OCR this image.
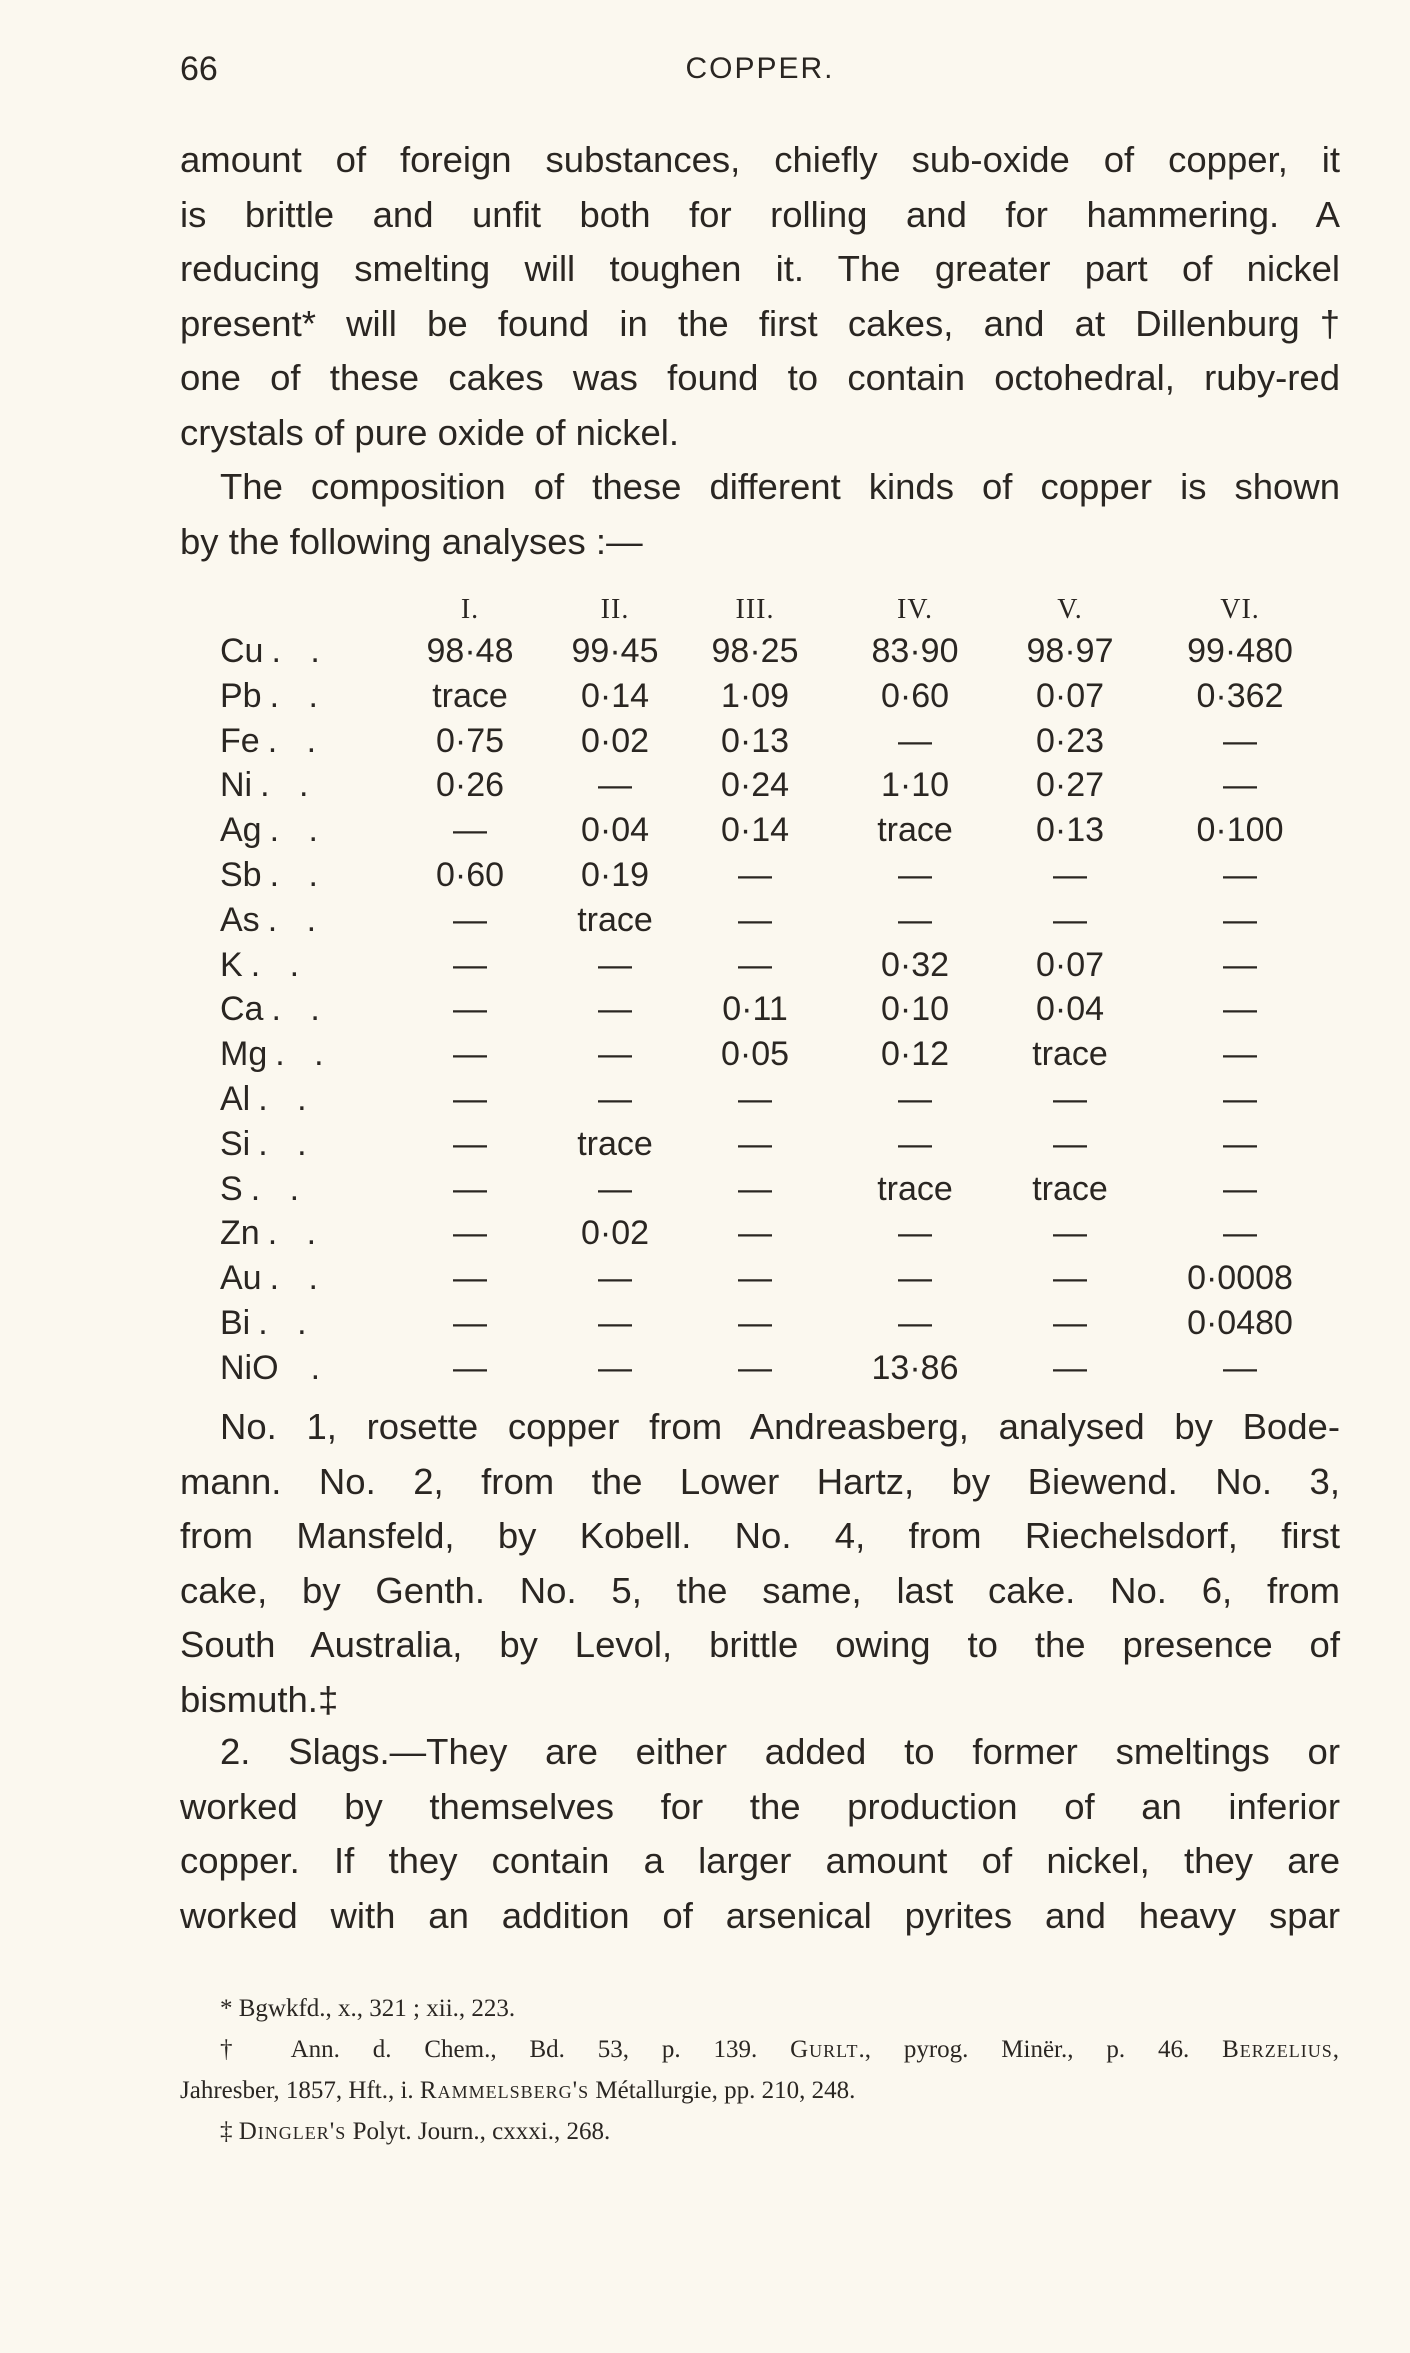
66	COPPER.
amount of foreign substances, chiefly sub-oxide of copper, it
is brittle and unfit both for rolling and for hammering. A
reducing smelting will toughen it. The greater part of nickel
present* will be found in the first cakes, and at Dillenburg†
one of these cakes was found to contain octohedral, ruby-red
crystals of pure oxide of nickel.
The composition of these different kinds of copper is shown
by the following analyses :—
I.	II.	III.	IV.	V.	VI.
Cu . .	98·48	99·45	98·25	83·90	98·97	99·480
Pb . .	trace	0·14	1·09	0·60	0·07	0·362
Fe . .	0·75	0·02	0·13	—	0·23	—
Ni . .	0·26	—	0·24	1·10	0·27	—
Ag . .	—	0·04	0·14	trace	0·13	0·100
Sb . .	0·60	0·19	—	—	—	—
As . .	—	trace	—	—	—	—
K . .	—	—	—	0·32	0·07	—
Ca . .	—	—	0·11	0·10	0·04	—
Mg . .	—	—	0·05	0·12	trace	—
Al . .	—	—	—	—	—	—
Si . .	—	trace	—	—	—	—
S . .	—	—	—	trace	trace	—
Zn . .	—	0·02	—	—	—	—
Au . .	—	—	—	—	—	0·0008
Bi . .	—	—	—	—	—	0·0480
NiO .	—	—	—	13·86	—	—
No. 1, rosette copper from Andreasberg, analysed by Bode-
mann. No. 2, from the Lower Hartz, by Biewend. No. 3,
from Mansfeld, by Kobell. No. 4, from Riechelsdorf, first
cake, by Genth. No. 5, the same, last cake. No. 6, from
South Australia, by Levol, brittle owing to the presence of
bismuth.‡
2. Slags.—They are either added to former smeltings or
worked by themselves for the production of an inferior
copper. If they contain a larger amount of nickel, they are
worked with an addition of arsenical pyrites and heavy spar
* Bgwkfd., x., 321 ; xii., 223.
† Ann. d. Chem., Bd. 53, p. 139. Gurlt., pyrog. Minër., p. 46. Berzelius,
Jahresber, 1857, Hft., i. Rammelsberg's Métallurgie, pp. 210, 248.
‡ Dingler's Polyt. Journ., cxxxi., 268.
